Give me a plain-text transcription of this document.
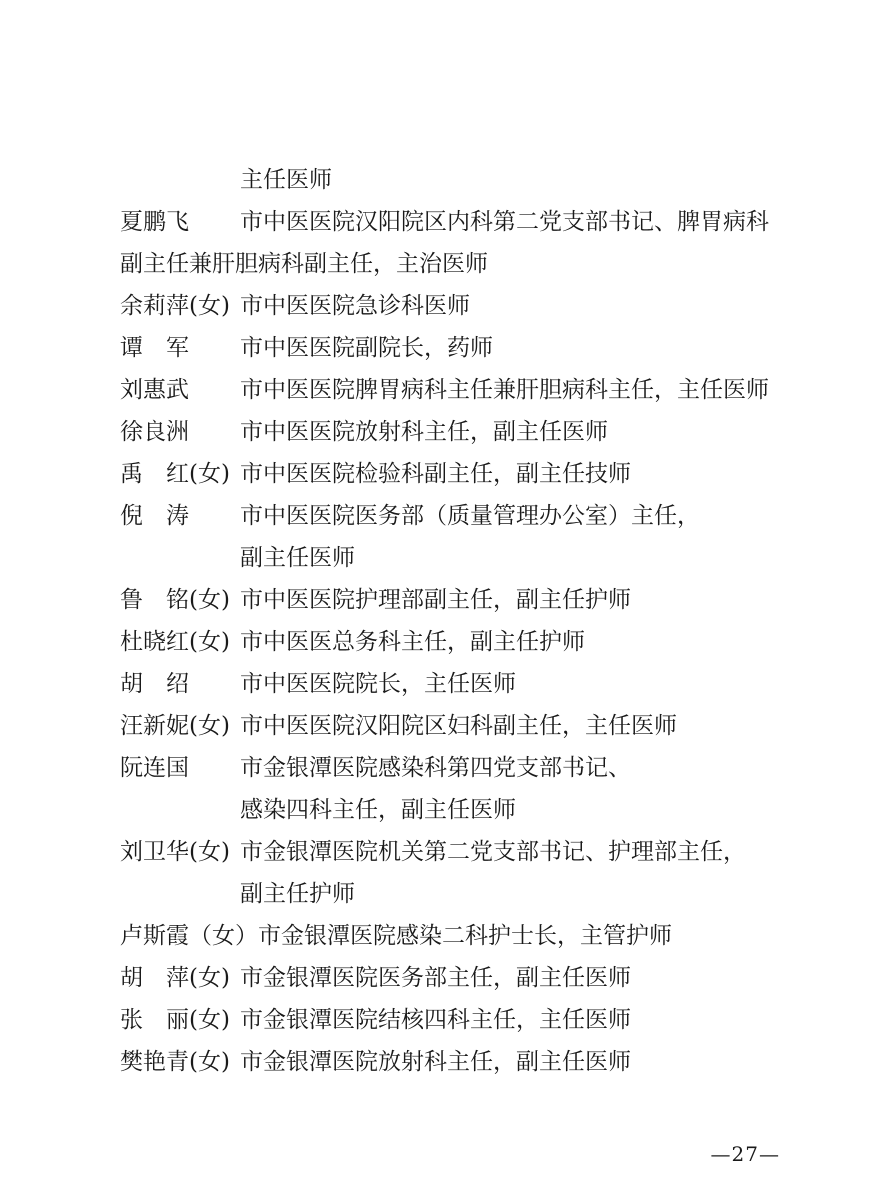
主任医师
夏鹏飞 市中医医院汉阳院区内科第二党支部书记、脾胃病科
副主任兼肝胆病科副主任，主治医师
余莉萍(女) 市中医医院急诊科医师
谭　军 市中医医院副院长，药师
刘惠武 市中医医院脾胃病科主任兼肝胆病科主任，主任医师
徐良洲 市中医医院放射科主任，副主任医师
禹　红(女) 市中医医院检验科副主任，副主任技师
倪　涛 市中医医院医务部（质量管理办公室）主任，
副主任医师
鲁　铭(女) 市中医医院护理部副主任，副主任护师
杜晓红(女) 市中医医总务科主任，副主任护师
胡　绍 市中医医院院长，主任医师
汪新妮(女) 市中医医院汉阳院区妇科副主任，主任医师
阮连国 市金银潭医院感染科第四党支部书记、
感染四科主任，副主任医师
刘卫华(女) 市金银潭医院机关第二党支部书记、护理部主任，
副主任护师
卢斯霞（女）市金银潭医院感染二科护士长，主管护师
胡　萍(女) 市金银潭医院医务部主任，副主任医师
张　丽(女) 市金银潭医院结核四科主任，主任医师
樊艳青(女) 市金银潭医院放射科主任，副主任医师
—27—
